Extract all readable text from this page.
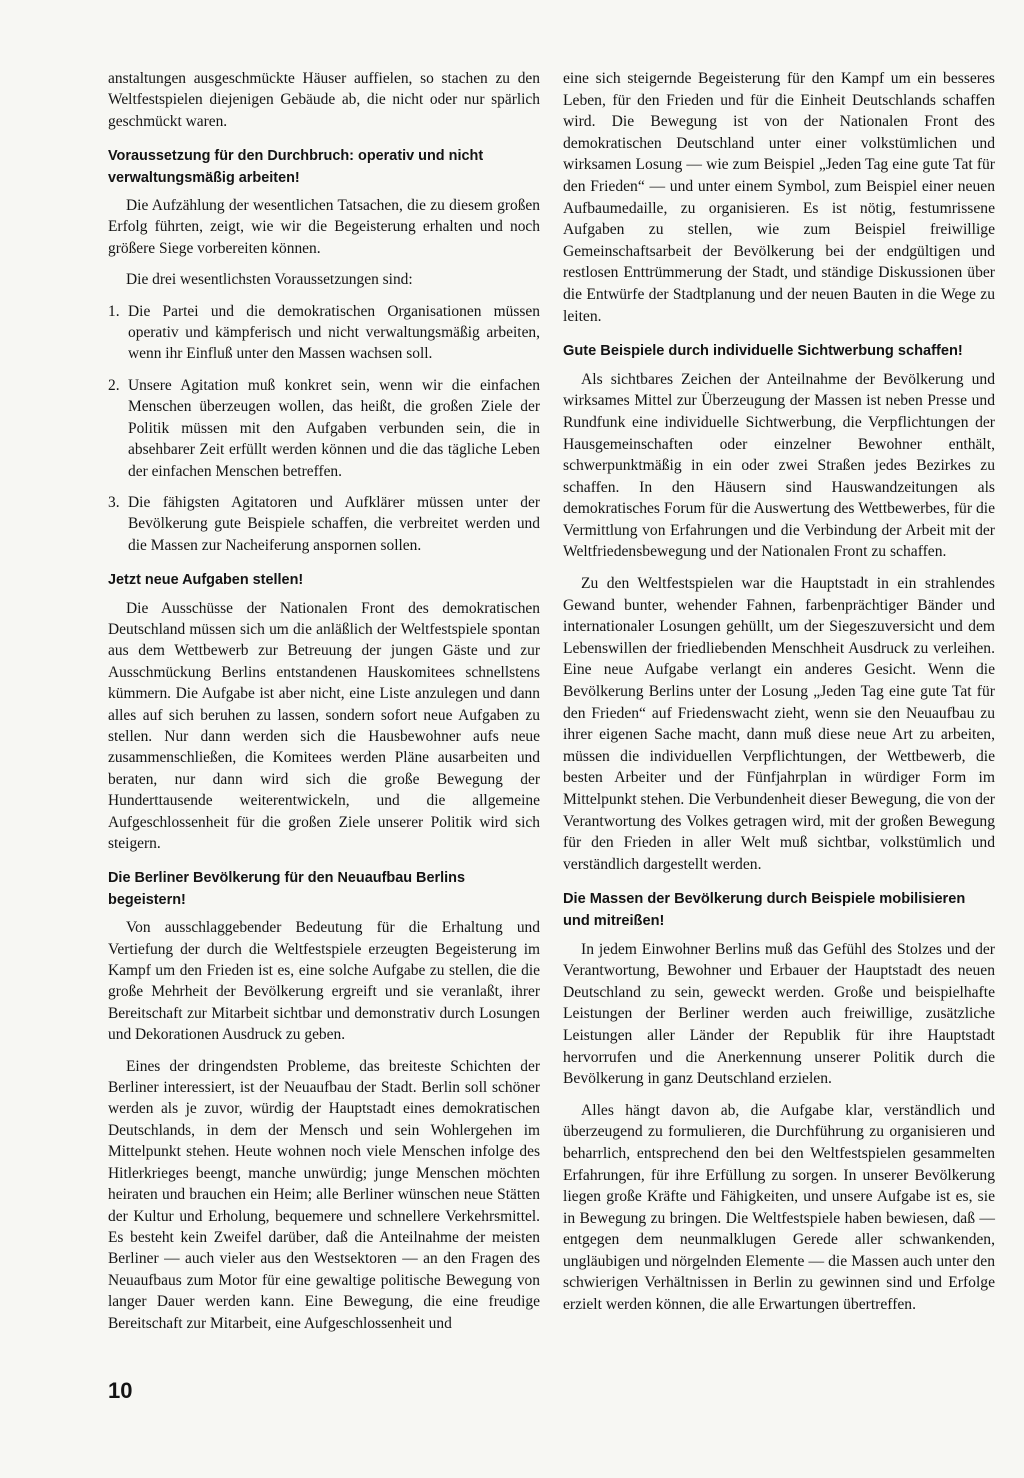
anstaltungen ausgeschmückte Häuser auffielen, so stachen zu den Weltfestspielen diejenigen Gebäude ab, die nicht oder nur spärlich geschmückt waren.

Voraussetzung für den Durchbruch: operativ und nicht verwaltungsmäßig arbeiten!

Die Aufzählung der wesentlichen Tatsachen, die zu diesem großen Erfolg führten, zeigt, wie wir die Begeisterung erhalten und noch größere Siege vorbereiten können.

Die drei wesentlichsten Voraussetzungen sind:

1. Die Partei und die demokratischen Organisationen müssen operativ und kämpferisch und nicht verwaltungsmäßig arbeiten, wenn ihr Einfluß unter den Massen wachsen soll.
2. Unsere Agitation muß konkret sein, wenn wir die einfachen Menschen überzeugen wollen, das heißt, die großen Ziele der Politik müssen mit den Aufgaben verbunden sein, die in absehbarer Zeit erfüllt werden können und die das tägliche Leben der einfachen Menschen betreffen.
3. Die fähigsten Agitatoren und Aufklärer müssen unter der Bevölkerung gute Beispiele schaffen, die verbreitet werden und die Massen zur Nacheiferung anspornen sollen.
Jetzt neue Aufgaben stellen!

Die Ausschüsse der Nationalen Front des demokratischen Deutschland müssen sich um die anläßlich der Weltfestspiele spontan aus dem Wettbewerb zur Betreuung der jungen Gäste und zur Ausschmückung Berlins entstandenen Hauskomitees schnellstens kümmern. Die Aufgabe ist aber nicht, eine Liste anzulegen und dann alles auf sich beruhen zu lassen, sondern sofort neue Aufgaben zu stellen. Nur dann werden sich die Hausbewohner aufs neue zusammenschließen, die Komitees werden Pläne ausarbeiten und beraten, nur dann wird sich die große Bewegung der Hunderttausende weiterentwickeln, und die allgemeine Aufgeschlossenheit für die großen Ziele unserer Politik wird sich steigern.

Die Berliner Bevölkerung für den Neuaufbau Berlins begeistern!

Von ausschlaggebender Bedeutung für die Erhaltung und Vertiefung der durch die Weltfestspiele erzeugten Begeisterung im Kampf um den Frieden ist es, eine solche Aufgabe zu stellen, die die große Mehrheit der Bevölkerung ergreift und sie veranlaßt, ihrer Bereitschaft zur Mitarbeit sichtbar und demonstrativ durch Losungen und Dekorationen Ausdruck zu geben.

Eines der dringendsten Probleme, das breiteste Schichten der Berliner interessiert, ist der Neuaufbau der Stadt. Berlin soll schöner werden als je zuvor, würdig der Hauptstadt eines demokratischen Deutschlands, in dem der Mensch und sein Wohlergehen im Mittelpunkt stehen. Heute wohnen noch viele Menschen infolge des Hitlerkrieges beengt, manche unwürdig; junge Menschen möchten heiraten und brauchen ein Heim; alle Berliner wünschen neue Stätten der Kultur und Erholung, bequemere und schnellere Verkehrsmittel. Es besteht kein Zweifel darüber, daß die Anteilnahme der meisten Berliner — auch vieler aus den Westsektoren — an den Fragen des Neuaufbaus zum Motor für eine gewaltige politische Bewegung von langer Dauer werden kann. Eine Bewegung, die eine freudige Bereitschaft zur Mitarbeit, eine Aufgeschlossenheit und

eine sich steigernde Begeisterung für den Kampf um ein besseres Leben, für den Frieden und für die Einheit Deutschlands schaffen wird. Die Bewegung ist von der Nationalen Front des demokratischen Deutschland unter einer volkstümlichen und wirksamen Losung — wie zum Beispiel „Jeden Tag eine gute Tat für den Frieden“ — und unter einem Symbol, zum Beispiel einer neuen Aufbaumedaille, zu organisieren. Es ist nötig, festumrissene Aufgaben zu stellen, wie zum Beispiel freiwillige Gemeinschaftsarbeit der Bevölkerung bei der endgültigen und restlosen Enttrümmerung der Stadt, und ständige Diskussionen über die Entwürfe der Stadtplanung und der neuen Bauten in die Wege zu leiten.

Gute Beispiele durch individuelle Sichtwerbung schaffen!

Als sichtbares Zeichen der Anteilnahme der Bevölkerung und wirksames Mittel zur Überzeugung der Massen ist neben Presse und Rundfunk eine individuelle Sichtwerbung, die Verpflichtungen der Hausgemeinschaften oder einzelner Bewohner enthält, schwerpunktmäßig in ein oder zwei Straßen jedes Bezirkes zu schaffen. In den Häusern sind Hauswandzeitungen als demokratisches Forum für die Auswertung des Wettbewerbes, für die Vermittlung von Erfahrungen und die Verbindung der Arbeit mit der Weltfriedensbewegung und der Nationalen Front zu schaffen.

Zu den Weltfestspielen war die Hauptstadt in ein strahlendes Gewand bunter, wehender Fahnen, farbenprächtiger Bänder und internationaler Losungen gehüllt, um der Siegeszuversicht und dem Lebenswillen der friedliebenden Menschheit Ausdruck zu verleihen. Eine neue Aufgabe verlangt ein anderes Gesicht. Wenn die Bevölkerung Berlins unter der Losung „Jeden Tag eine gute Tat für den Frieden“ auf Friedenswacht zieht, wenn sie den Neuaufbau zu ihrer eigenen Sache macht, dann muß diese neue Art zu arbeiten, müssen die individuellen Verpflichtungen, der Wettbewerb, die besten Arbeiter und der Fünfjahrplan in würdiger Form im Mittelpunkt stehen. Die Verbundenheit dieser Bewegung, die von der Verantwortung des Volkes getragen wird, mit der großen Bewegung für den Frieden in aller Welt muß sichtbar, volkstümlich und verständlich dargestellt werden.

Die Massen der Bevölkerung durch Beispiele mobilisieren und mitreißen!

In jedem Einwohner Berlins muß das Gefühl des Stolzes und der Verantwortung, Bewohner und Erbauer der Hauptstadt des neuen Deutschland zu sein, geweckt werden. Große und beispielhafte Leistungen der Berliner werden auch freiwillige, zusätzliche Leistungen aller Länder der Republik für ihre Hauptstadt hervorrufen und die Anerkennung unserer Politik durch die Bevölkerung in ganz Deutschland erzielen.

Alles hängt davon ab, die Aufgabe klar, verständlich und überzeugend zu formulieren, die Durchführung zu organisieren und beharrlich, entsprechend den bei den Weltfestspielen gesammelten Erfahrungen, für ihre Erfüllung zu sorgen. In unserer Bevölkerung liegen große Kräfte und Fähigkeiten, und unsere Aufgabe ist es, sie in Bewegung zu bringen. Die Weltfestspiele haben bewiesen, daß — entgegen dem neunmalklugen Gerede aller schwankenden, ungläubigen und nörgelnden Elemente — die Massen auch unter den schwierigen Verhältnissen in Berlin zu gewinnen sind und Erfolge erzielt werden können, die alle Erwartungen übertreffen.

10
